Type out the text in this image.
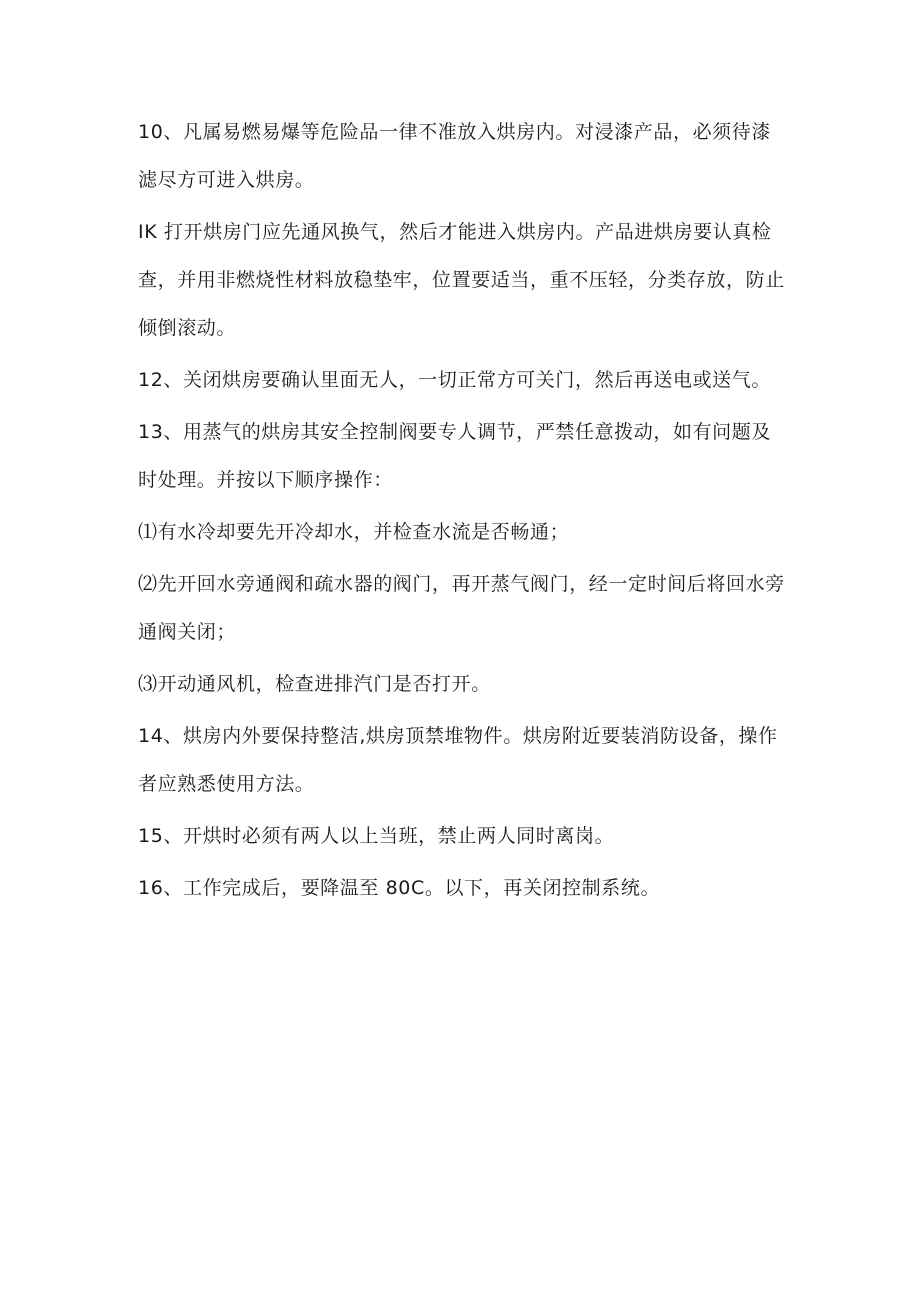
10、凡属易燃易爆等危险品一律不准放入烘房内。对浸漆产品，必须待漆滤尽方可进入烘房。

IK 打开烘房门应先通风换气，然后才能进入烘房内。产品进烘房要认真检查，并用非燃烧性材料放稳垫牢，位置要适当，重不压轻，分类存放，防止倾倒滚动。

12、关闭烘房要确认里面无人，一切正常方可关门，然后再送电或送气。

13、用蒸气的烘房其安全控制阀要专人调节，严禁任意拨动，如有问题及时处理。并按以下顺序操作：

⑴有水冷却要先开冷却水，并检查水流是否畅通；

⑵先开回水旁通阀和疏水器的阀门，再开蒸气阀门，经一定时间后将回水旁通阀关闭；

⑶开动通风机，检查进排汽门是否打开。

14、烘房内外要保持整洁,烘房顶禁堆物件。烘房附近要装消防设备，操作者应熟悉使用方法。

15、开烘时必须有两人以上当班，禁止两人同时离岗。

16、工作完成后，要降温至 80C。以下，再关闭控制系统。
